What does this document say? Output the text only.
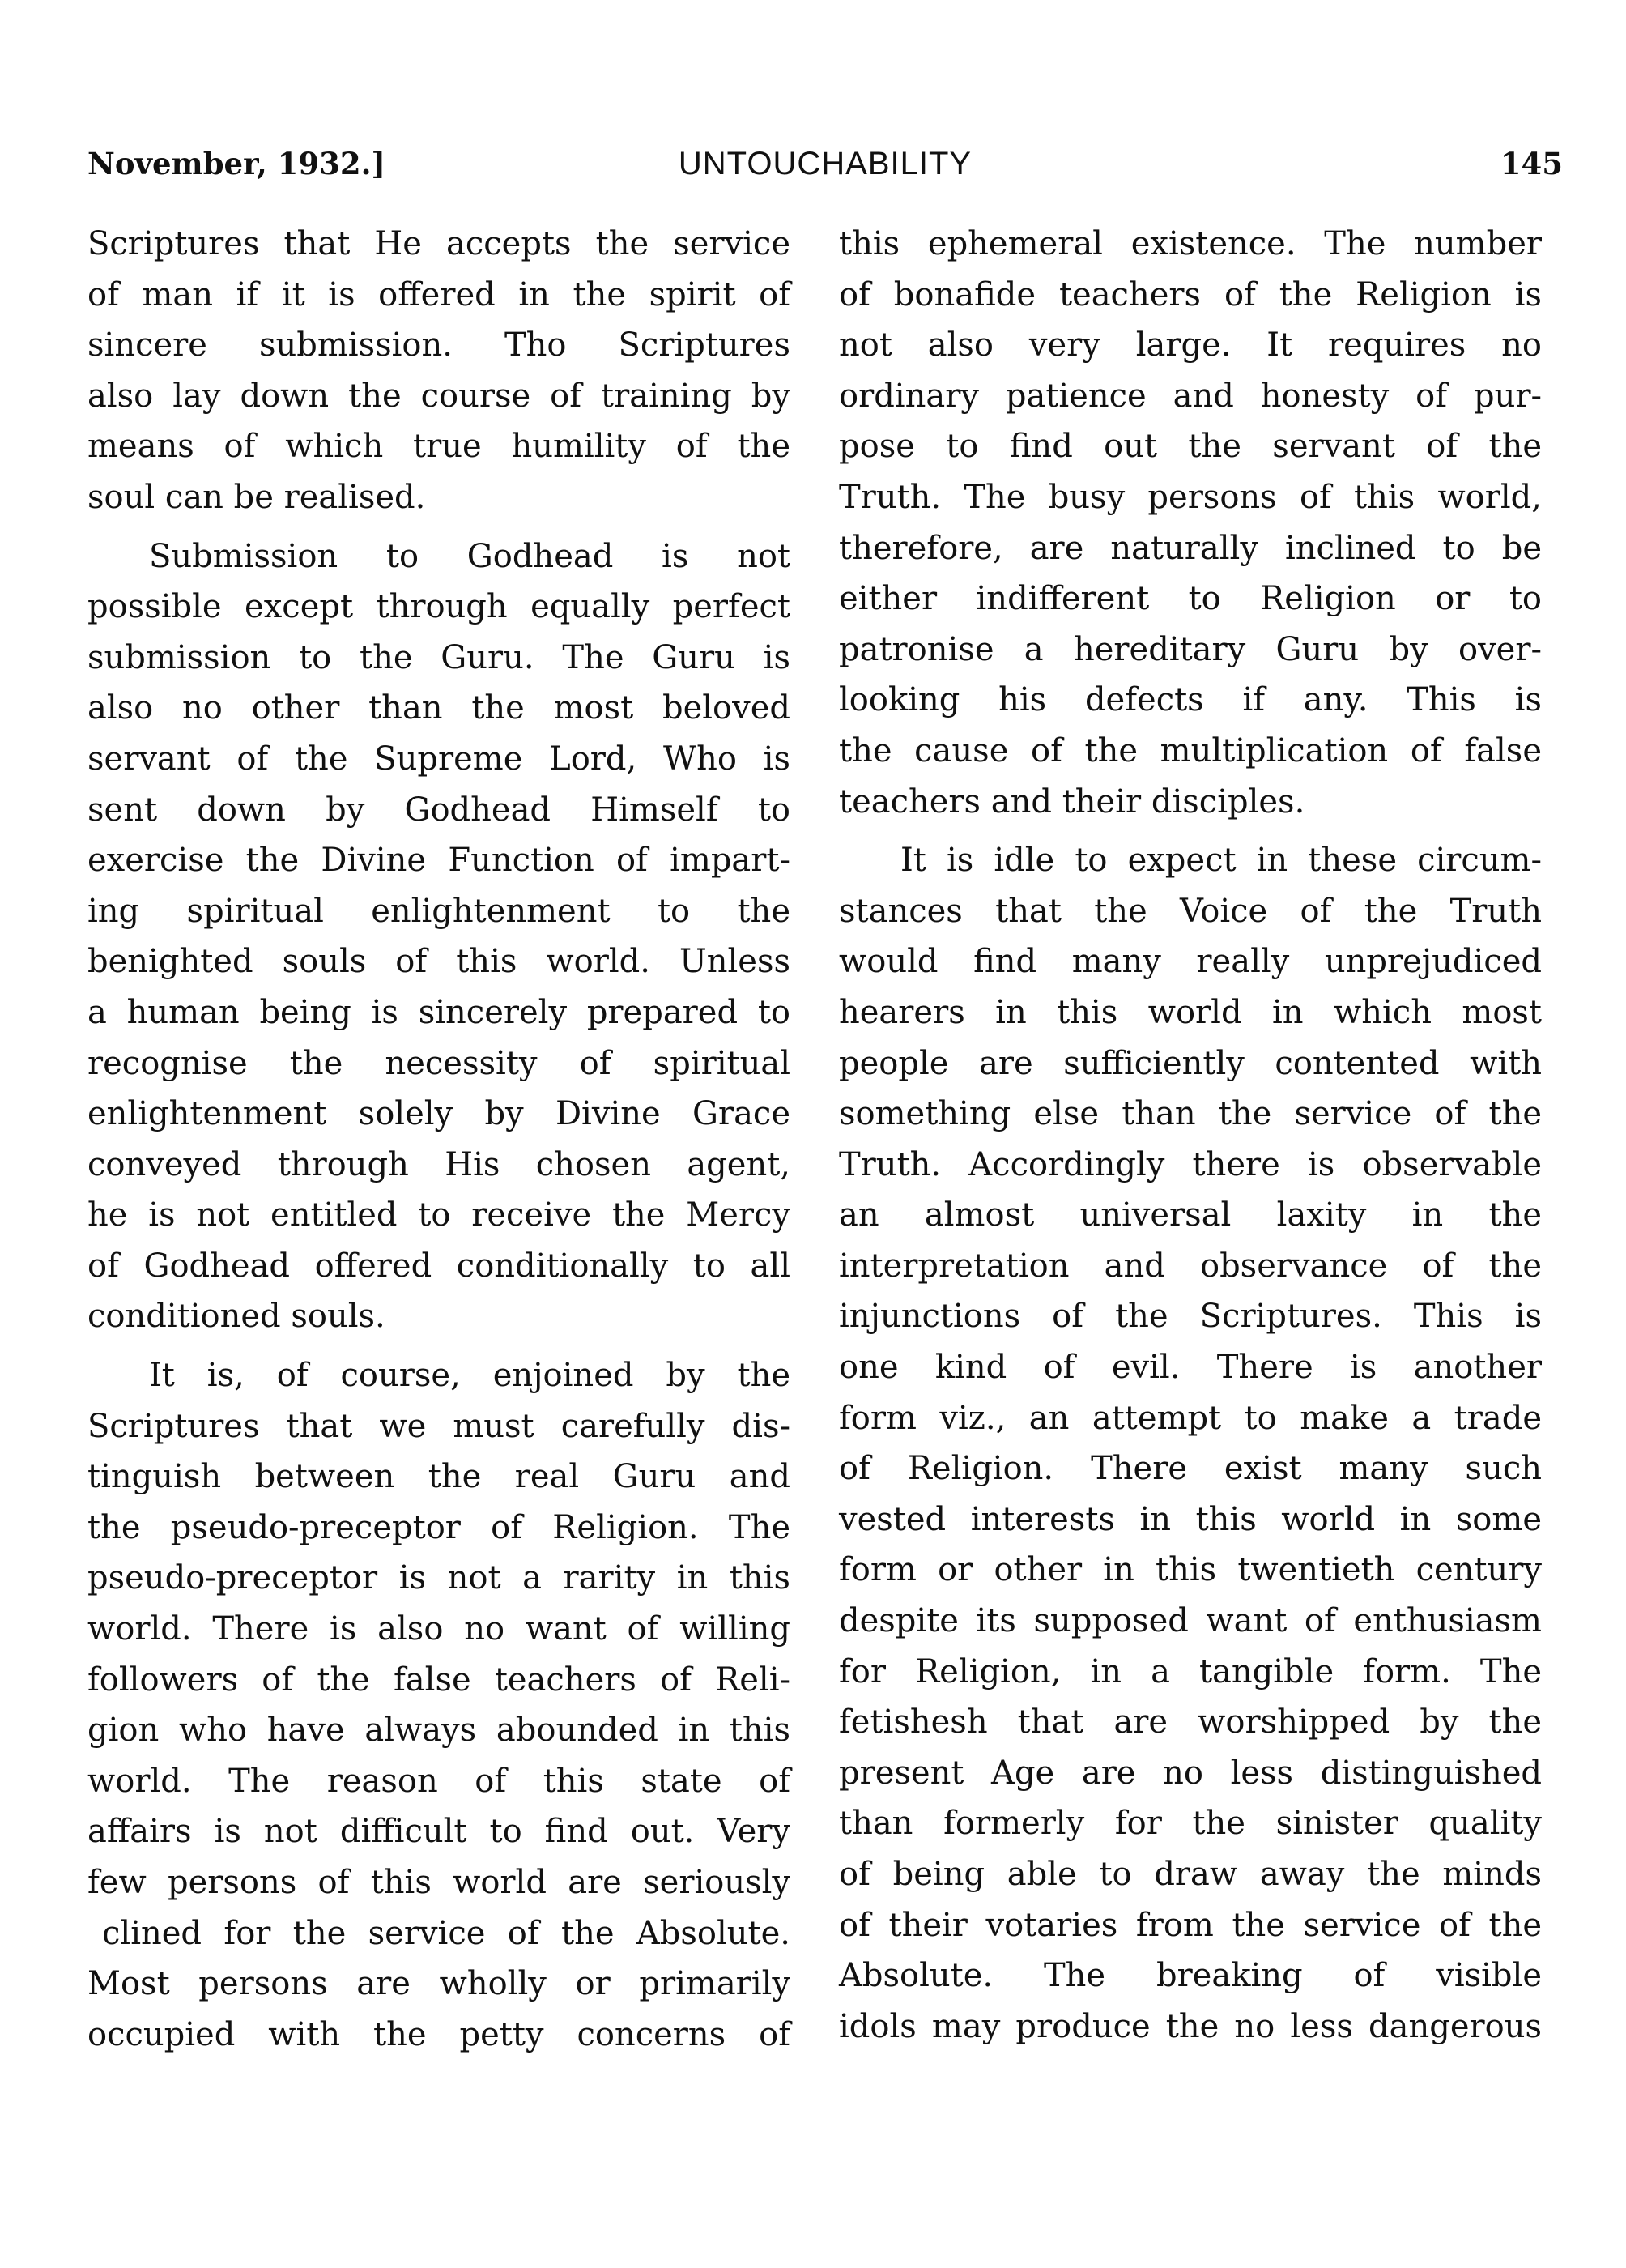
November, 1932.]	UNTOUCHABILITY	145
Scriptures that He accepts the service
of man if it is offered in the spirit of
sincere submission. Tho Scriptures
also lay down the course of training by
means of which true humility of the
soul can be realised.
Submission to Godhead is not
possible except through equally perfect
submission to the Guru. The Guru is
also no other than the most beloved
servant of the Supreme Lord, Who is
sent down by Godhead Himself to
exercise the Divine Function of impart-
ing spiritual enlightenment to the
benighted souls of this world. Unless
a human being is sincerely prepared to
recognise the necessity of spiritual
enlightenment solely by Divine Grace
conveyed through His chosen agent,
he is not entitled to receive the Mercy
of Godhead offered conditionally to all
conditioned souls.
It is, of course, enjoined by the
Scriptures that we must carefully dis-
tinguish between the real Guru and
the pseudo-preceptor of Religion. The
pseudo-preceptor is not a rarity in this
world. There is also no want of willing
followers of the false teachers of Reli-
gion who have always abounded in this
world. The reason of this state of
affairs is not difficult to find out. Very
few persons of this world are seriously
clined for the service of the Absolute.
Most persons are wholly or primarily
occupied with the petty concerns of
this ephemeral existence. The number
of bonafide teachers of the Religion is
not also very large. It requires no
ordinary patience and honesty of pur-
pose to find out the servant of the
Truth. The busy persons of this world,
therefore, are naturally inclined to be
either indifferent to Religion or to
patronise a hereditary Guru by over-
looking his defects if any. This is
the cause of the multiplication of false
teachers and their disciples.
It is idle to expect in these circum-
stances that the Voice of the Truth
would find many really unprejudiced
hearers in this world in which most
people are sufficiently contented with
something else than the service of the
Truth. Accordingly there is observable
an almost universal laxity in the
interpretation and observance of the
injunctions of the Scriptures. This is
one kind of evil. There is another
form viz., an attempt to make a trade
of Religion. There exist many such
vested interests in this world in some
form or other in this twentieth century
despite its supposed want of enthusiasm
for Religion, in a tangible form. The
fetishesh that are worshipped by the
present Age are no less distinguished
than formerly for the sinister quality
of being able to draw away the minds
of their votaries from the service of the
Absolute. The breaking of visible
idols may produce the no less dangerous
